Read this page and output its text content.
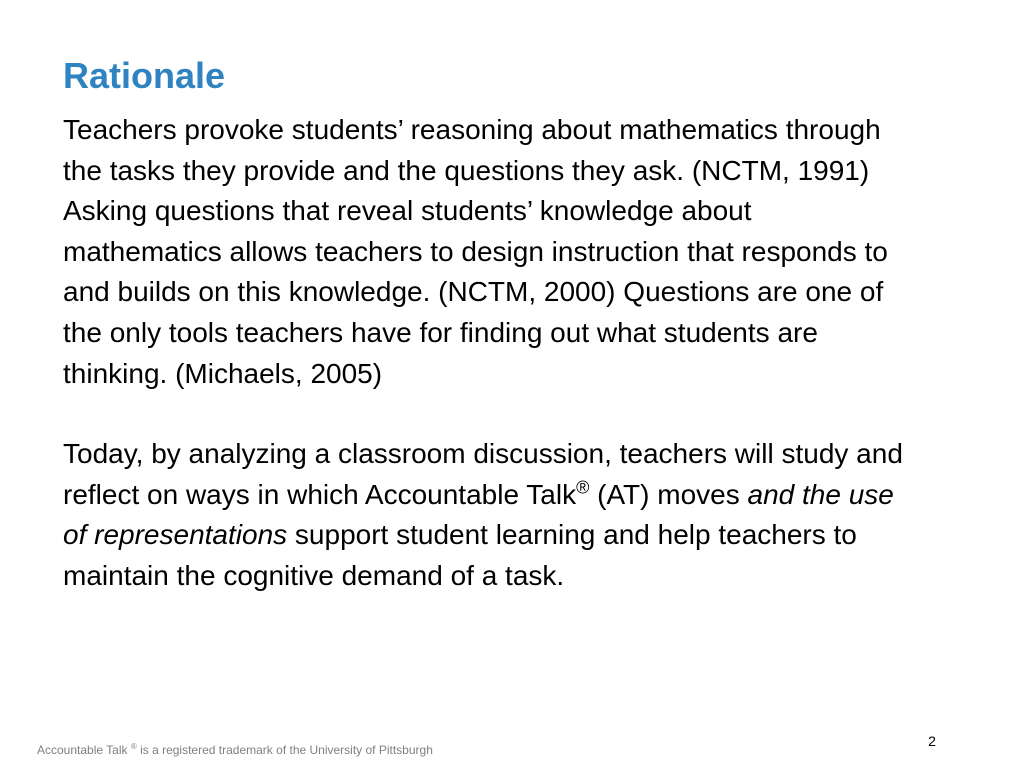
Rationale

Teachers provoke students’ reasoning about mathematics through the tasks they provide and the questions they ask. (NCTM, 1991) Asking questions that reveal students’ knowledge about mathematics allows teachers to design instruction that responds to and builds on this knowledge. (NCTM, 2000) Questions are one of the only tools teachers have for finding out what students are thinking. (Michaels, 2005)

Today, by analyzing a classroom discussion, teachers will study and reflect on ways in which Accountable Talk® (AT) moves and the use of representations support student learning and help teachers to maintain the cognitive demand of a task.

Accountable Talk ® is a registered trademark of the University of Pittsburgh
2
